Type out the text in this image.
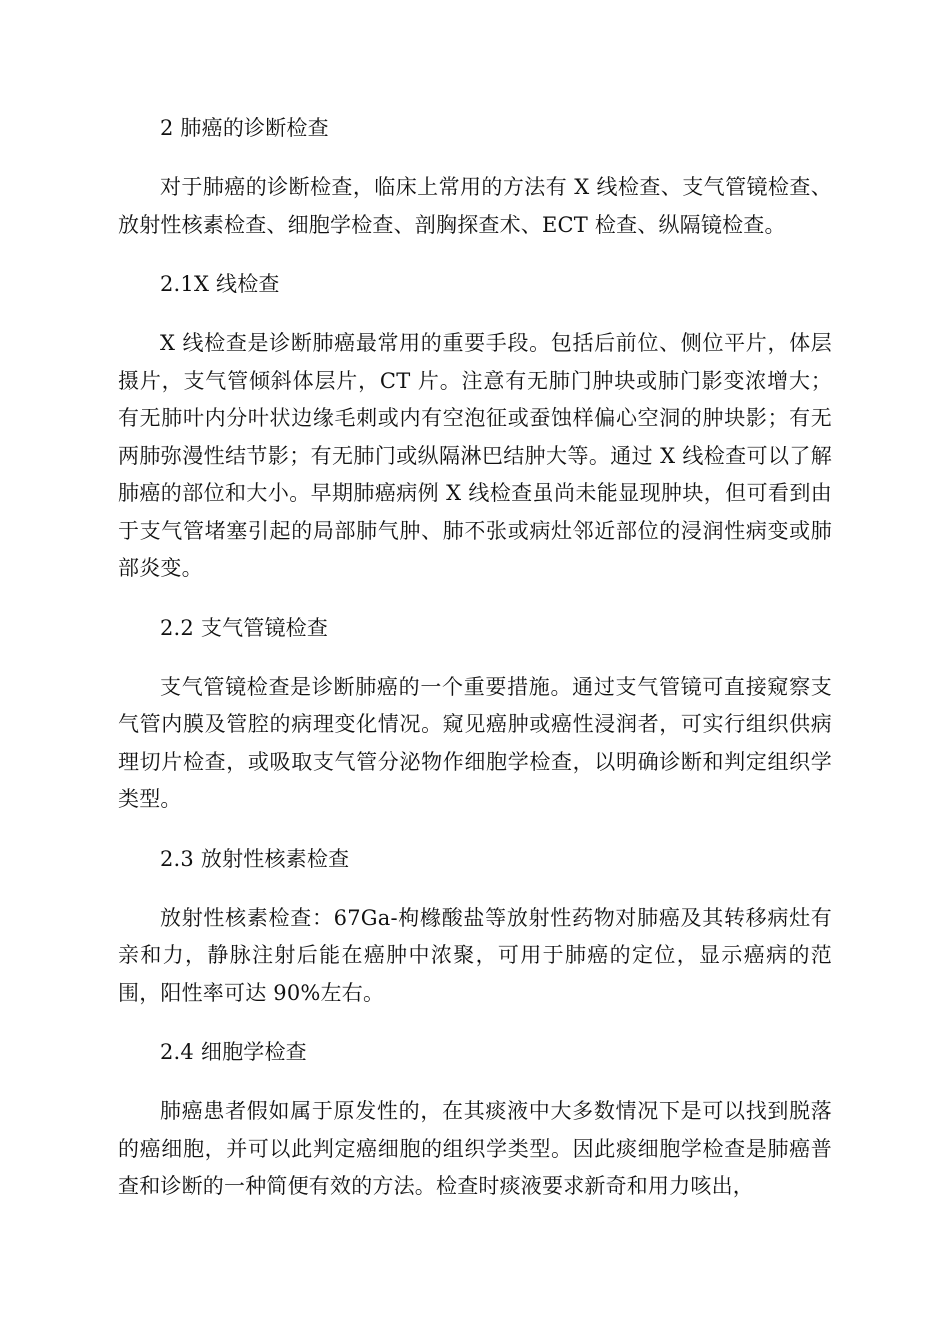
2 肺癌的诊断检查

对于肺癌的诊断检查，临床上常用的方法有 X 线检查、支气管镜检查、放射性核素检查、细胞学检查、剖胸探查术、ECT 检查、纵隔镜检查。

2.1X 线检查

X 线检查是诊断肺癌最常用的重要手段。包括后前位、侧位平片，体层摄片，支气管倾斜体层片，CT 片。注意有无肺门肿块或肺门影变浓增大；有无肺叶内分叶状边缘毛刺或内有空泡征或蚕蚀样偏心空洞的肿块影；有无两肺弥漫性结节影；有无肺门或纵隔淋巴结肿大等。通过 X 线检查可以了解肺癌的部位和大小。早期肺癌病例 X 线检查虽尚未能显现肿块，但可看到由于支气管堵塞引起的局部肺气肿、肺不张或病灶邻近部位的浸润性病变或肺部炎变。

2.2 支气管镜检查

支气管镜检查是诊断肺癌的一个重要措施。通过支气管镜可直接窥察支气管内膜及管腔的病理变化情况。窥见癌肿或癌性浸润者，可实行组织供病理切片检查，或吸取支气管分泌物作细胞学检查，以明确诊断和判定组织学类型。

2.3 放射性核素检查

放射性核素检查：67Ga-枸橼酸盐等放射性药物对肺癌及其转移病灶有亲和力，静脉注射后能在癌肿中浓聚，可用于肺癌的定位，显示癌病的范围，阳性率可达 90%左右。

2.4 细胞学检查

肺癌患者假如属于原发性的，在其痰液中大多数情况下是可以找到脱落的癌细胞，并可以此判定癌细胞的组织学类型。因此痰细胞学检查是肺癌普查和诊断的一种简便有效的方法。检查时痰液要求新奇和用力咳出，
